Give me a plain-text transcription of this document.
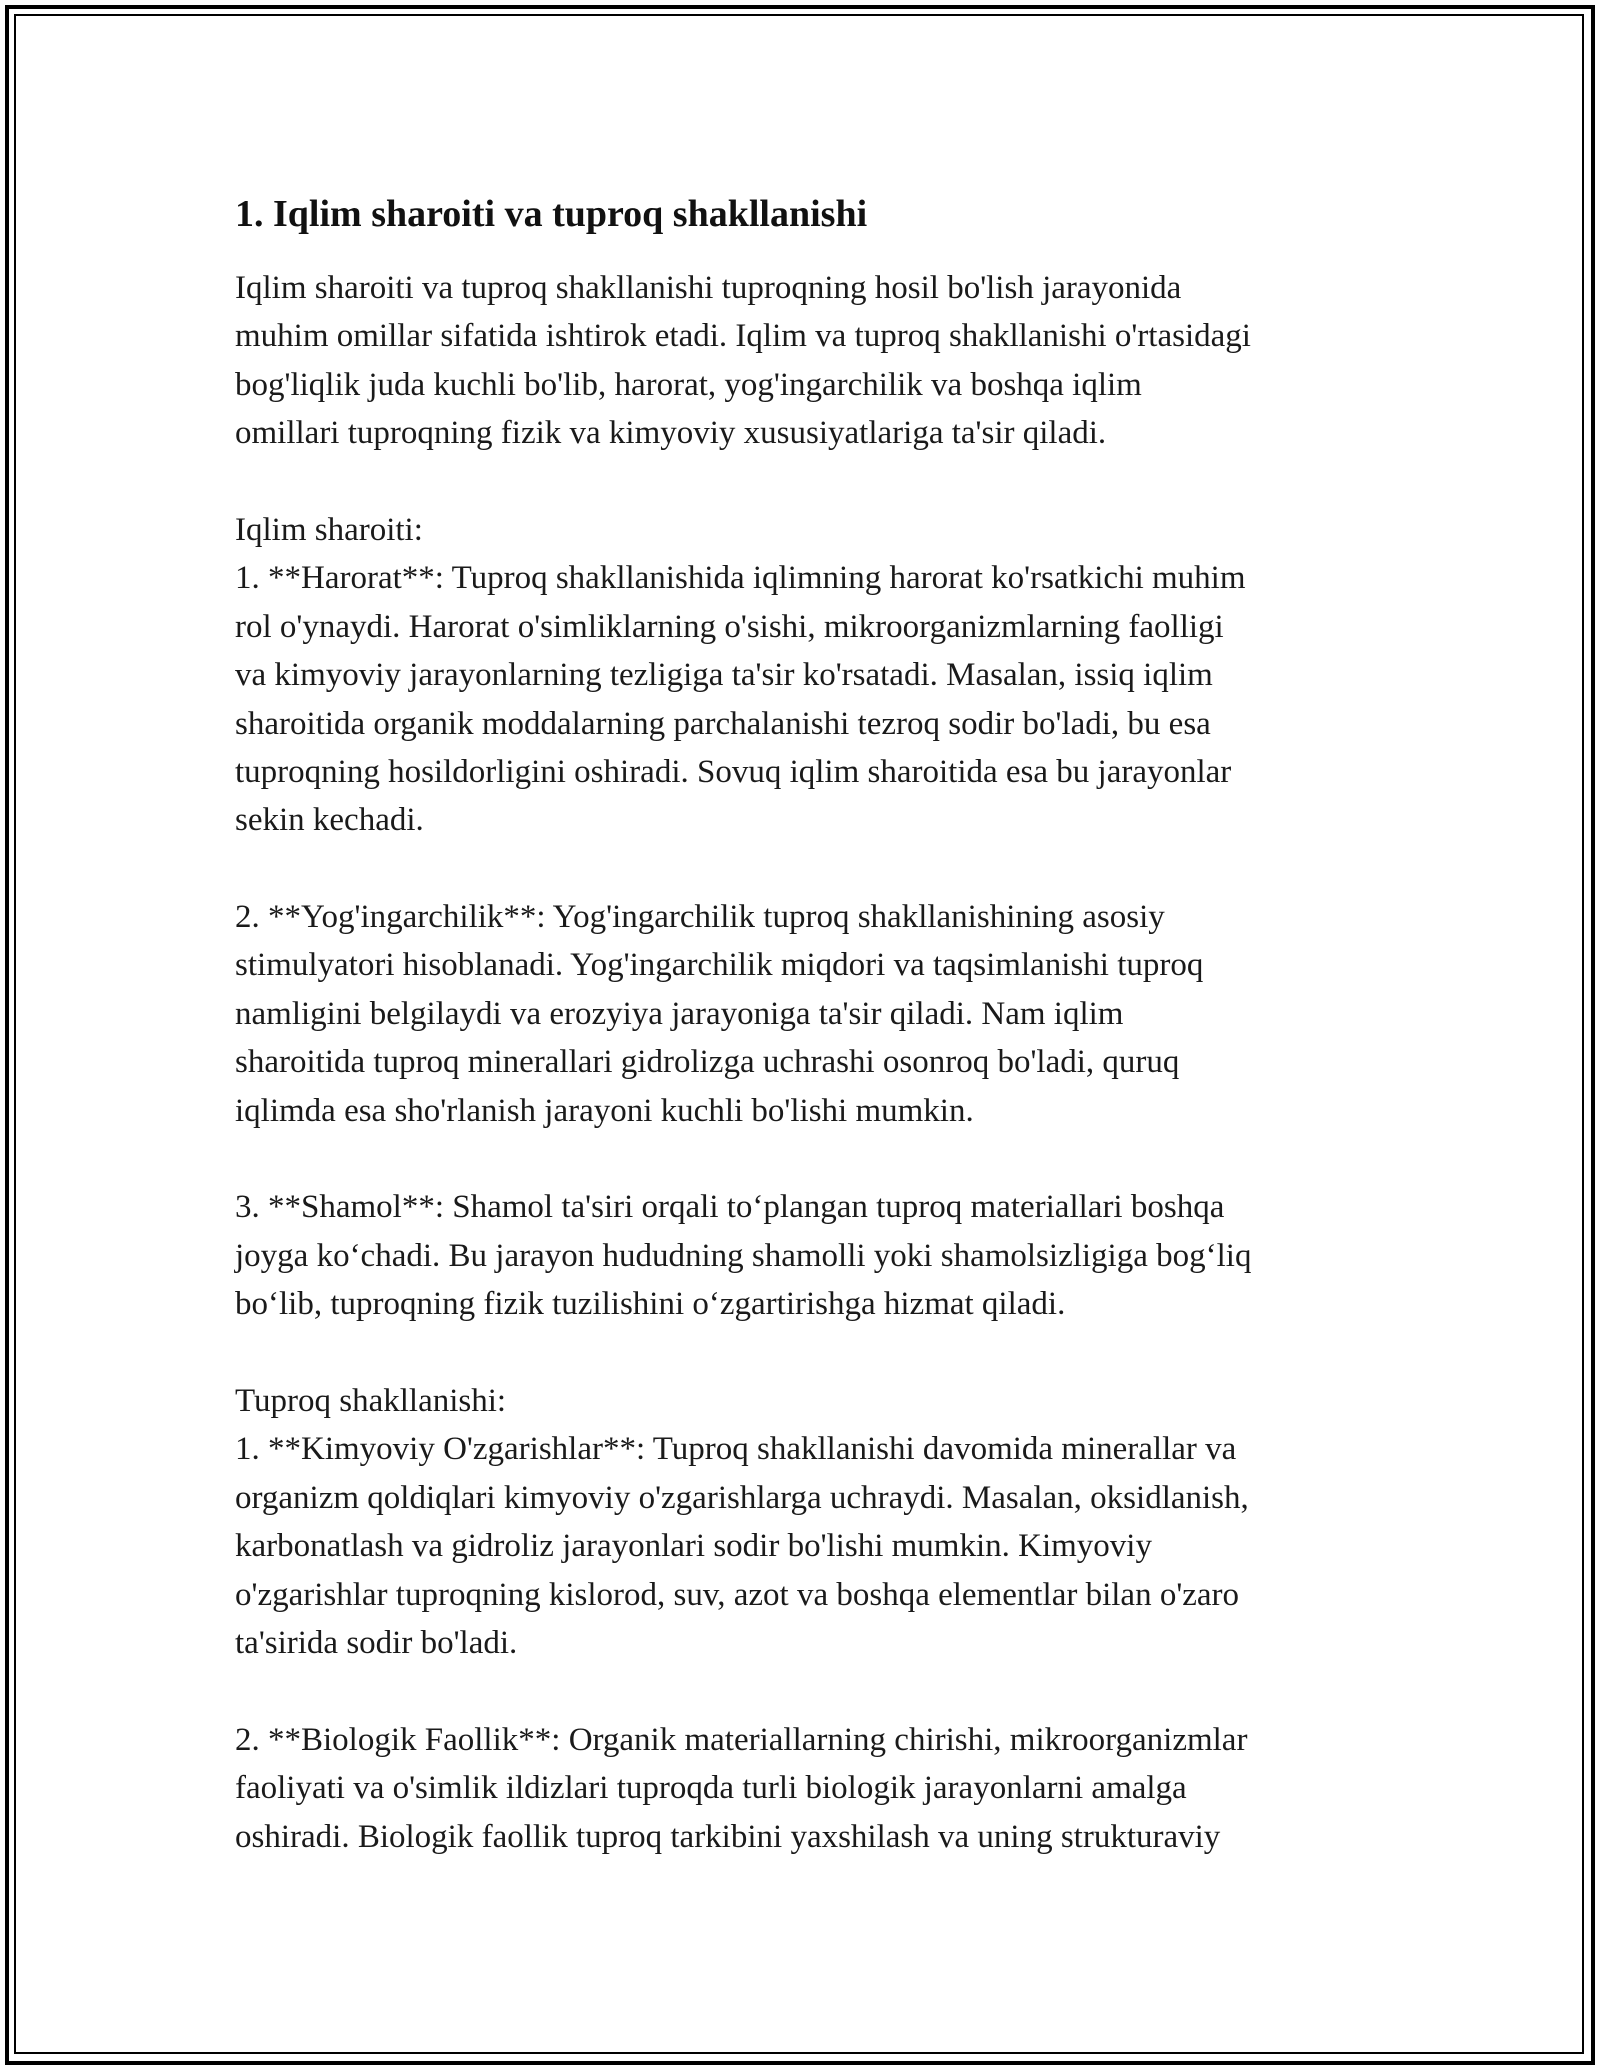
1. Iqlim sharoiti va tuproq shakllanishi
Iqlim sharoiti va tuproq shakllanishi tuproqning hosil bo'lish jarayonida
muhim omillar sifatida ishtirok etadi. Iqlim va tuproq shakllanishi o'rtasidagi
bog'liqlik juda kuchli bo'lib, harorat, yog'ingarchilik va boshqa iqlim
omillari tuproqning fizik va kimyoviy xususiyatlariga ta'sir qiladi.
Iqlim sharoiti:
1. **Harorat**: Tuproq shakllanishida iqlimning harorat ko'rsatkichi muhim
rol o'ynaydi. Harorat o'simliklarning o'sishi, mikroorganizmlarning faolligi
va kimyoviy jarayonlarning tezligiga ta'sir ko'rsatadi. Masalan, issiq iqlim
sharoitida organik moddalarning parchalanishi tezroq sodir bo'ladi, bu esa
tuproqning hosildorligini oshiradi. Sovuq iqlim sharoitida esa bu jarayonlar
sekin kechadi.
2. **Yog'ingarchilik**: Yog'ingarchilik tuproq shakllanishining asosiy
stimulyatori hisoblanadi. Yog'ingarchilik miqdori va taqsimlanishi tuproq
namligini belgilaydi va erozyiya jarayoniga ta'sir qiladi. Nam iqlim
sharoitida tuproq minerallari gidrolizga uchrashi osonroq bo'ladi, quruq
iqlimda esa sho'rlanish jarayoni kuchli bo'lishi mumkin.
3. **Shamol**: Shamol ta'siri orqali to‘plangan tuproq materiallari boshqa
joyga ko‘chadi. Bu jarayon hududning shamolli yoki shamolsizligiga bog‘liq
bo‘lib, tuproqning fizik tuzilishini o‘zgartirishga hizmat qiladi.
Tuproq shakllanishi:
1. **Kimyoviy O'zgarishlar**: Tuproq shakllanishi davomida minerallar va
organizm qoldiqlari kimyoviy o'zgarishlarga uchraydi. Masalan, oksidlanish,
karbonatlash va gidroliz jarayonlari sodir bo'lishi mumkin. Kimyoviy
o'zgarishlar tuproqning kislorod, suv, azot va boshqa elementlar bilan o'zaro
ta'sirida sodir bo'ladi.
2. **Biologik Faollik**: Organik materiallarning chirishi, mikroorganizmlar
faoliyati va o'simlik ildizlari tuproqda turli biologik jarayonlarni amalga
oshiradi. Biologik faollik tuproq tarkibini yaxshilash va uning strukturaviy
